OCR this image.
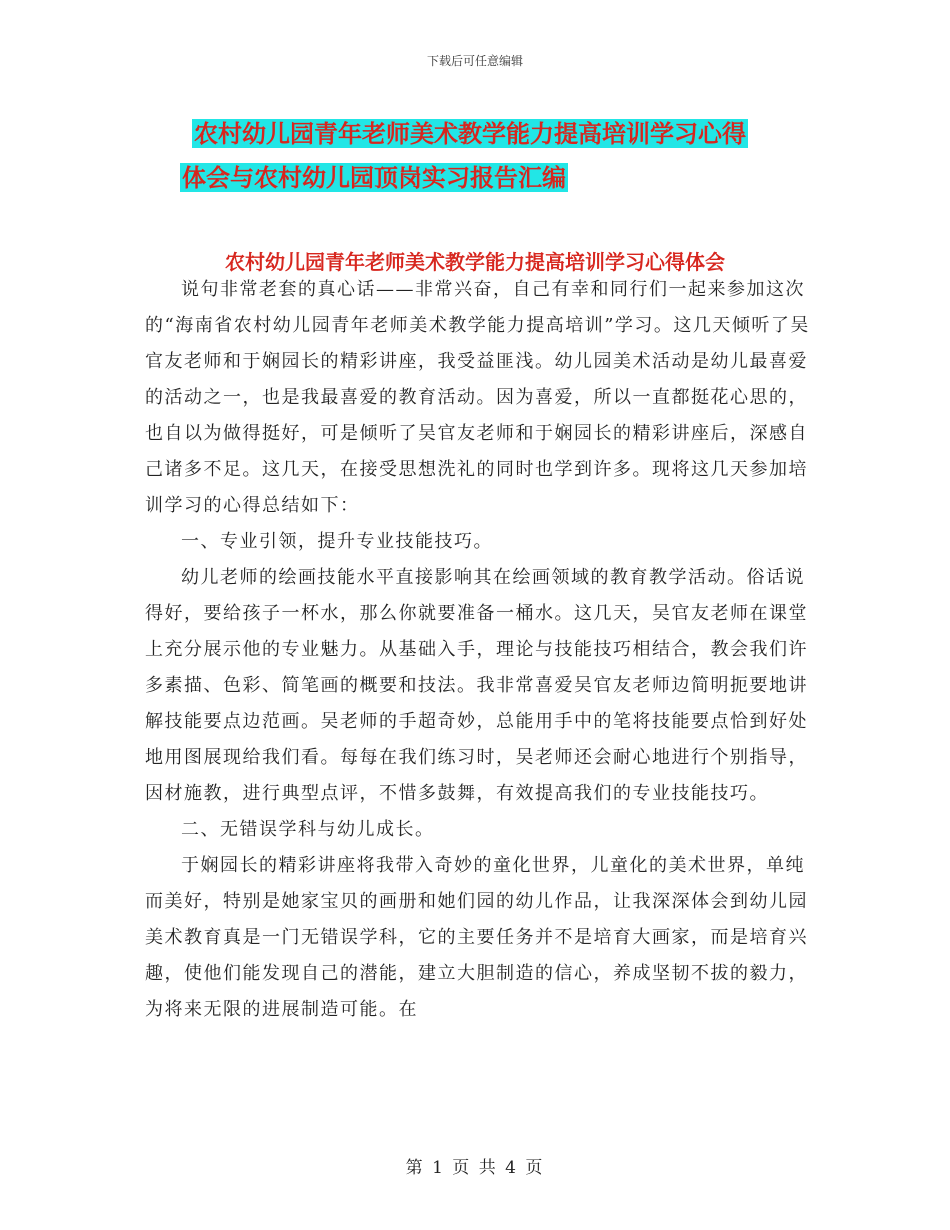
下载后可任意编辑
农村幼儿园青年老师美术教学能力提高培训学习心得
体会与农村幼儿园顶岗实习报告汇编
农村幼儿园青年老师美术教学能力提高培训学习心得体会

说句非常老套的真心话——非常兴奋，自己有幸和同行们一起来参加这次的“海南省农村幼儿园青年老师美术教学能力提高培训”学习。这几天倾听了吴官友老师和于娴园长的精彩讲座，我受益匪浅。幼儿园美术活动是幼儿最喜爱的活动之一，也是我最喜爱的教育活动。因为喜爱，所以一直都挺花心思的，也自以为做得挺好，可是倾听了吴官友老师和于娴园长的精彩讲座后，深感自己诸多不足。这几天，在接受思想洗礼的同时也学到许多。现将这几天参加培训学习的心得总结如下：

一、专业引领，提升专业技能技巧。

幼儿老师的绘画技能水平直接影响其在绘画领域的教育教学活动。俗话说得好，要给孩子一杯水，那么你就要准备一桶水。这几天，吴官友老师在课堂上充分展示他的专业魅力。从基础入手，理论与技能技巧相结合，教会我们许多素描、色彩、简笔画的概要和技法。我非常喜爱吴官友老师边简明扼要地讲解技能要点边范画。吴老师的手超奇妙，总能用手中的笔将技能要点恰到好处地用图展现给我们看。每每在我们练习时，吴老师还会耐心地进行个别指导，因材施教，进行典型点评，不惜多鼓舞，有效提高我们的专业技能技巧。

二、无错误学科与幼儿成长。

于娴园长的精彩讲座将我带入奇妙的童化世界，儿童化的美术世界，单纯而美好，特别是她家宝贝的画册和她们园的幼儿作品，让我深深体会到幼儿园美术教育真是一门无错误学科，它的主要任务并不是培育大画家，而是培育兴趣，使他们能发现自己的潜能，建立大胆制造的信心，养成坚韧不拔的毅力，为将来无限的进展制造可能。在

第 1 页 共 4 页
